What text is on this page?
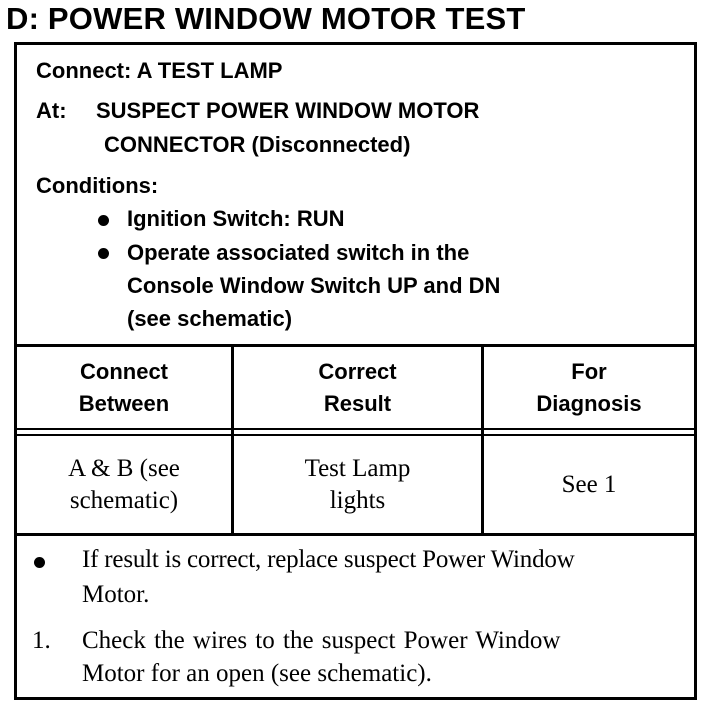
D: POWER WINDOW MOTOR TEST
Connect: A TEST LAMP
At: SUSPECT POWER WINDOW MOTOR
CONNECTOR (Disconnected)
Conditions:
Ignition Switch: RUN
Operate associated switch in the
Console Window Switch UP and DN
(see schematic)
Connect
Between
Correct
Result
For
Diagnosis
A & B (see
schematic)
Test Lamp
lights
See 1
If result is correct, replace suspect Power Window
Motor.
1. Check the wires to the suspect Power Window
Motor for an open (see schematic).
